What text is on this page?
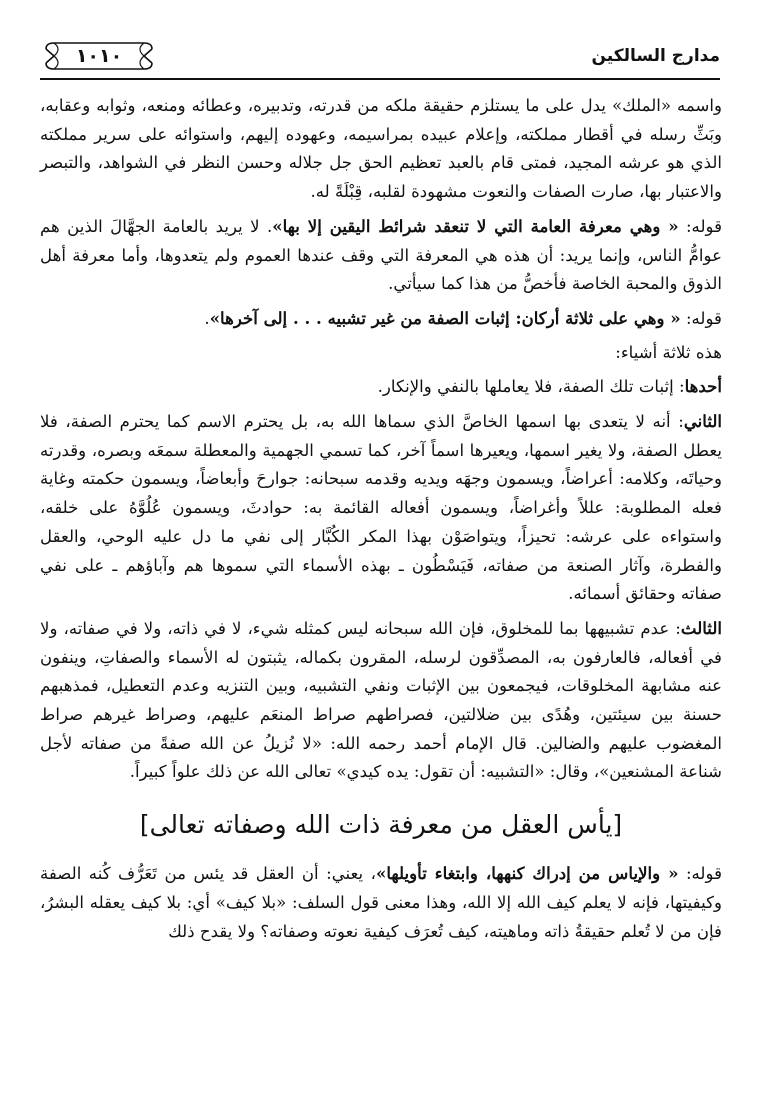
١٠١٠	مدارج السالكين

واسمه «الملك» يدل على ما يستلزم حقيقة ملكه من قدرته، وتدبيره، وعطائه ومنعه، وثوابه وعقابه، وبَثِّ رسله في أقطار مملكته، وإعلام عبيده بمراسيمه، وعهوده إليهم، واستوائه على سرير مملكته الذي هو عرشه المجيد، فمتى قام بالعبد تعظيم الحق جل جلاله وحسن النظر في الشواهد، والتبصر والاعتبار بها، صارت الصفات والنعوت مشهودة لقلبه، قِبْلَةً له.

قوله: « وهي معرفة العامة التي لا تنعقد شرائط اليقين إلا بها». لا يريد بالعامة الجهَّالَ الذين هم عوامُّ الناس، وإنما يريد: أن هذه هي المعرفة التي وقف عندها العموم ولم يتعدوها، وأما معرفة أهل الذوق والمحبة الخاصة فأخصُّ من هذا كما سيأتي.

قوله: « وهي على ثلاثة أركان: إثبات الصفة من غير تشبيه . . . إلى آخرها».

هذه ثلاثة أشياء:

أحدها: إثبات تلك الصفة، فلا يعاملها بالنفي والإنكار.

الثاني: أنه لا يتعدى بها اسمها الخاصَّ الذي سماها الله به، بل يحترم الاسم كما يحترم الصفة، فلا يعطل الصفة، ولا يغير اسمها، ويعيرها اسماً آخر، كما تسمي الجهمية والمعطلة سمعَه وبصره، وقدرته وحياتَه، وكلامه: أعراضاً، ويسمون وجهَه ويديه وقدمه سبحانه: جوارحَ وأبعاضاً، ويسمون حكمته وغاية فعله المطلوبة: عللاً وأغراضاً، ويسمون أفعاله القائمة به: حوادثَ، ويسمون عُلُوَّهُ على خلقه، واستواءه على عرشه: تحيزاً، ويتواصَوْن بهذا المكر الكُبَّار إلى نفي ما دل عليه الوحي، والعقل والفطرة، وآثار الصنعة من صفاته، فَيَسْطُون ـ بهذه الأسماء التي سموها هم وآباؤهم ـ على نفي صفاته وحقائق أسمائه.

الثالث: عدم تشبيهها بما للمخلوق، فإن الله سبحانه ليس كمثله شيء، لا في ذاته، ولا في صفاته، ولا في أفعاله، فالعارفون به، المصدِّقون لرسله، المقرون بكماله، يثبتون له الأسماء والصفاتِ، وينفون عنه مشابهة المخلوقات، فيجمعون بين الإثبات ونفي التشبيه، وبين التنزيه وعدم التعطيل، فمذهبهم حسنة بين سيئتين، وهُدًى بين ضلالتين، فصراطهم صراط المنعَم عليهم، وصراط غيرهم صراط المغضوب عليهم والضالين. قال الإمام أحمد رحمه الله: «لا نُزيلُ عن الله صفةً من صفاته لأجل شناعة المشنعين»، وقال: «التشبيه: أن تقول: يده كيدي» تعالى الله عن ذلك علواً كبيراً.

[يأس العقل من معرفة ذات الله وصفاته تعالى]

قوله: « والإياس من إدراك كنهها، وابتغاء تأويلها»، يعني: أن العقل قد يئس من تَعَرُّف كُنه الصفة وكيفيتها، فإنه لا يعلم كيف الله إلا الله، وهذا معنى قول السلف: «بلا كيف» أي: بلا كيف يعقله البشرُ، فإن من لا تُعلم حقيقةُ ذاته وماهيته، كيف تُعرَف كيفية نعوته وصفاته؟ ولا يقدح ذلك
